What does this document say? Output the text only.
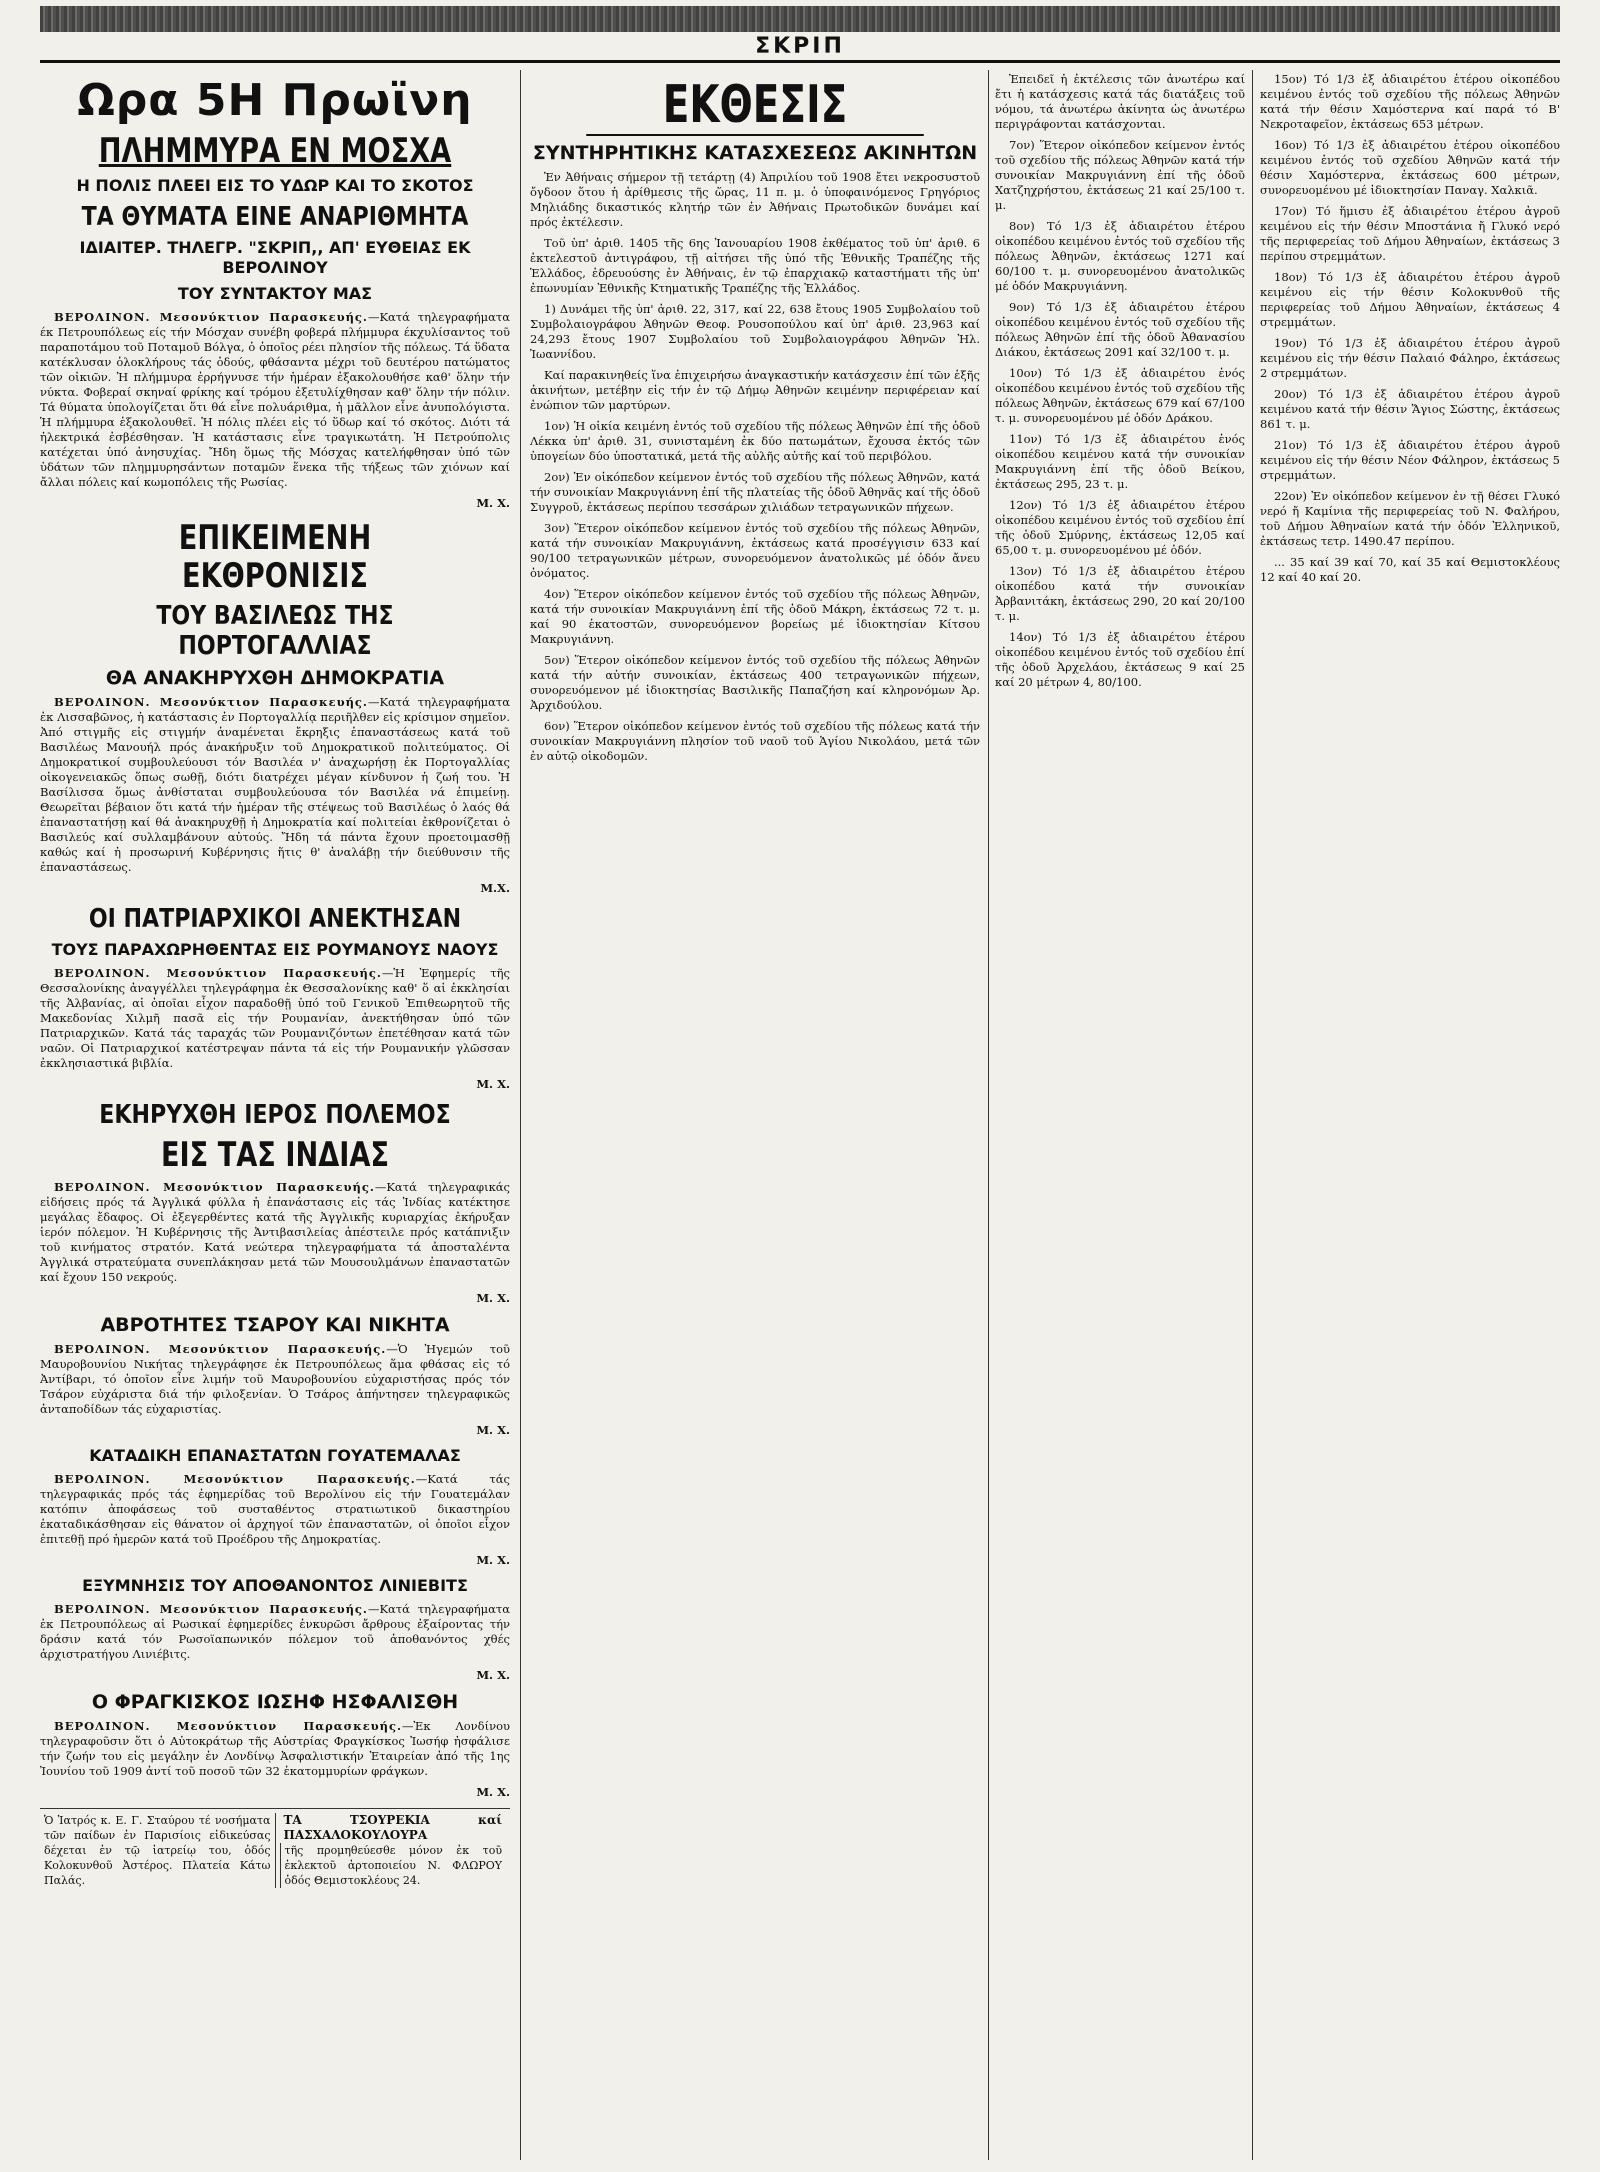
ΣΚΡΙΠ
Ωρα 5Η Πρωϊνη
ΠΛΗΜΜΥΡΑ ΕΝ ΜΟΣΧΑ
Η ΠΟΛΙΣ ΠΛΕΕΙ ΕΙΣ ΤΟ ΥΔΩΡ ΚΑΙ ΤΟ ΣΚΟΤΟΣ
ΤΑ ΘΥΜΑΤΑ ΕΙΝΕ ΑΝΑΡΙΘΜΗΤΑ
ΙΔΙΑΙΤΕΡ. ΤΗΛΕΓΡ. "ΣΚΡΙΠ,, ΑΠ' ΕΥΘΕΙΑΣ ΕΚ ΒΕΡΟΛΙΝΟΥ
ΤΟΥ ΣΥΝΤΑΚΤΟΥ ΜΑΣ

ΒΕΡΟΛΙΝΟΝ. Μεσονύκτιον Παρασκευής.—Κατά τηλεγραφήματα έκ Πετρουπόλεως είς τήν Μόσχαν συνέβη φοβερά πλήμμυρα έκχυλίσαντος τοῦ παραποτάμου τοῦ Ποταμοῦ Βόλγα, ὁ ὁποῖος ρέει πλησίον τῆς πόλεως. Τά ὕδατα κατέκλυσαν ὁλοκλήρους τάς ὁδούς, φθάσαντα μέχρι τοῦ δευτέρου πατώματος τῶν οἰκιῶν. Ἡ πλήμμυρα ἐρρήγνυσε τήν ἡμέραν ἐξακολουθήσε καθ' ὅλην τήν νύκτα. Φοβεραί σκηναί φρίκης καί τρόμου ἐξετυλίχθησαν καθ' ὅλην τήν πόλιν. Τά θύματα ὑπολογίζεται ὅτι θά εἶνε πολυάριθμα, ἡ μᾶλλον εἶνε ἀνυπολόγιστα. Ἡ πλήμμυρα ἐξακολουθεῖ. Ἡ πόλις πλέει εἰς τό ὕδωρ καί τό σκότος. Διότι τά ἠλεκτρικά ἐσβέσθησαν. Ἡ κατάστασις εἶνε τραγικωτάτη. Ἡ Πετρούπολις κατέχεται ὑπό ἀνησυχίας. Ἤδη ὅμως τῆς Μόσχας κατελήφθησαν ὑπό τῶν ὑδάτων τῶν πλημμυρησάντων ποταμῶν ἕνεκα τῆς τήξεως τῶν χιόνων καί ἄλλαι πόλεις καί κωμοπόλεις τῆς Ρωσίας.

Μ. Χ.
ΕΠΙΚΕΙΜΕΝΗ ΕΚΘΡΟΝΙΣΙΣ
ΤΟΥ ΒΑΣΙΛΕΩΣ ΤΗΣ ΠΟΡΤΟΓΑΛΛΙΑΣ
ΘΑ ΑΝΑΚΗΡΥΧΘΗ ΔΗΜΟΚΡΑΤΙΑ

ΒΕΡΟΛΙΝΟΝ. Μεσονύκτιον Παρασκευής.—Κατά τηλεγραφήματα ἐκ Λισσαβῶνος, ἡ κατάστασις ἐν Πορτογαλλίᾳ περιῆλθεν εἰς κρίσιμον σημεῖον. Ἀπό στιγμῆς εἰς στιγμήν ἀναμένεται ἔκρηξις ἐπαναστάσεως κατά τοῦ Βασιλέως Μανουήλ πρός ἀνακήρυξιν τοῦ Δημοκρατικοῦ πολιτεύματος. Οἱ Δημοκρατικοί συμβουλεύουσι τόν Βασιλέα ν' ἀναχωρήσῃ ἐκ Πορτογαλλίας οἰκογενειακῶς ὅπως σωθῇ, διότι διατρέχει μέγαν κίνδυνον ἡ ζωή του. Ἡ Βασίλισσα ὅμως ἀνθίσταται συμβουλεύουσα τόν Βασιλέα νά ἐπιμείνῃ. Θεωρεῖται βέβαιον ὅτι κατά τήν ἡμέραν τῆς στέψεως τοῦ Βασιλέως ὁ λαός θά ἐπαναστατήσῃ καί θά ἀνακηρυχθῇ ἡ Δημοκρατία καί πολιτείαι ἐκθρονίζεται ὁ Βασιλεύς καί συλλαμβάνουν αὐτούς. Ἤδη τά πάντα ἔχουν προετοιμασθῇ καθώς καί ἡ προσωρινή Κυβέρνησις ἥτις θ' ἀναλάβῃ τήν διεύθυνσιν τῆς ἐπαναστάσεως.

Μ.Χ.
ΟΙ ΠΑΤΡΙΑΡΧΙΚΟΙ ΑΝΕΚΤΗΣΑΝ
ΤΟΥΣ ΠΑΡΑΧΩΡΗΘΕΝΤΑΣ ΕΙΣ ΡΟΥΜΑΝΟΥΣ ΝΑΟΥΣ

ΒΕΡΟΛΙΝΟΝ. Μεσονύκτιον Παρασκευής.—Ἡ Ἐφημερίς τῆς Θεσσαλονίκης ἀναγγέλλει τηλεγράφημα ἐκ Θεσσαλονίκης καθ' ὅ αἱ ἐκκλησίαι τῆς Ἀλβανίας, αἱ ὁποῖαι εἶχον παραδοθῇ ὑπό τοῦ Γενικοῦ Ἐπιθεωρητοῦ τῆς Μακεδονίας Χιλμῆ πασᾶ εἰς τήν Ρουμανίαν, ἀνεκτήθησαν ὑπό τῶν Πατριαρχικῶν. Κατά τάς ταραχάς τῶν Ρουμανιζόντων ἐπετέθησαν κατά τῶν ναῶν. Οἱ Πατριαρχικοί κατέστρεψαν πάντα τά εἰς τήν Ρουμανικήν γλῶσσαν ἐκκλησιαστικά βιβλία.

Μ. Χ.
ΕΚΗΡΥΧΘΗ ΙΕΡΟΣ ΠΟΛΕΜΟΣ
ΕΙΣ ΤΑΣ ΙΝΔΙΑΣ

ΒΕΡΟΛΙΝΟΝ. Μεσονύκτιον Παρασκευής.—Κατά τηλεγραφικάς εἰδήσεις πρός τά Ἀγγλικά φύλλα ἡ ἐπανάστασις εἰς τάς Ἰνδίας κατέκτησε μεγάλας ἔδαφος. Οἱ ἐξεγερθέντες κατά τῆς Ἀγγλικῆς κυριαρχίας ἐκήρυξαν ἱερόν πόλεμον. Ἡ Κυβέρνησις τῆς Ἀντιβασιλείας ἀπέστειλε πρός κατάπνιξιν τοῦ κινήματος στρατόν. Κατά νεώτερα τηλεγραφήματα τά ἀποσταλέντα Ἀγγλικά στρατεύματα συνεπλάκησαν μετά τῶν Μουσουλμάνων ἐπαναστατῶν καί ἔχουν 150 νεκρούς.

Μ. Χ.
ΑΒΡΟΤΗΤΕΣ ΤΣΑΡΟΥ ΚΑΙ ΝΙΚΗΤΑ

ΒΕΡΟΛΙΝΟΝ. Μεσονύκτιον Παρασκευής.—Ὁ Ἡγεμών τοῦ Μαυροβουνίου Νικήτας τηλεγράφησε ἐκ Πετρουπόλεως ἅμα φθάσας εἰς τό Ἀντίβαρι, τό ὁποῖον εἶνε λιμήν τοῦ Μαυροβουνίου εὐχαριστήσας πρός τόν Τσάρον εὐχάριστα διά τήν φιλοξενίαν. Ὁ Τσάρος ἀπήντησεν τηλεγραφικῶς ἀνταποδίδων τάς εὐχαριστίας.

Μ. Χ.
ΚΑΤΑΔΙΚΗ ΕΠΑΝΑΣΤΑΤΩΝ ΓΟΥΑΤΕΜΑΛΑΣ

ΒΕΡΟΛΙΝΟΝ. Μεσονύκτιον Παρασκευής.—Κατά τάς τηλεγραφικάς πρός τάς ἐφημερίδας τοῦ Βερολίνου εἰς τήν Γουατεμάλαν κατόπιν ἀποφάσεως τοῦ συσταθέντος στρατιωτικοῦ δικαστηρίου ἐκαταδικάσθησαν εἰς θάνατον οἱ ἀρχηγοί τῶν ἐπαναστατῶν, οἱ ὁποῖοι εἶχον ἐπιτεθῇ πρό ἡμερῶν κατά τοῦ Προέδρου τῆς Δημοκρατίας.

Μ. Χ.
ΕΞΥΜΝΗΣΙΣ ΤΟΥ ΑΠΟΘΑΝΟΝΤΟΣ ΛΙΝΙΕΒΙΤΣ

ΒΕΡΟΛΙΝΟΝ. Μεσονύκτιον Παρασκευής.—Κατά τηλεγραφήματα ἐκ Πετρουπόλεως αἱ Ρωσικαί ἐφημερίδες ἐνκυρῶσι ἄρθρους ἐξαίροντας τήν δράσιν κατά τόν Ρωσοϊαπωνικόν πόλεμον τοῦ ἀποθανόντος χθές ἀρχιστρατήγου Λινιέβιτς.

Μ. Χ.
Ο ΦΡΑΓΚΙΣΚΟΣ ΙΩΣΗΦ ΗΣΦΑΛΙΣΘΗ

ΒΕΡΟΛΙΝΟΝ. Μεσονύκτιον Παρασκευής.—Ἐκ Λονδίνου τηλεγραφοῦσιν ὅτι ὁ Αὐτοκράτωρ τῆς Αὐστρίας Φραγκίσκος Ἰωσήφ ἠσφάλισε τήν ζωήν του εἰς μεγάλην ἐν Λονδίνῳ Ἀσφαλιστικήν Ἑταιρείαν ἀπό τῆς 1ης Ἰουνίου τοῦ 1909 ἀντί τοῦ ποσοῦ τῶν 32 ἑκατομμυρίων φράγκων.

Μ. Χ.
Ὁ Ἰατρός κ. Ε. Γ. Σταύρου τέ νοσήματα τῶν παίδων ἐν Παρισίοις εἰδικεύσας δέχεται ἐν τῷ ἰατρείῳ του, ὁδός Κολοκυνθοῦ Ἀστέρος. Πλατεία Κάτω Παλάς.
ΤΑ ΤΣΟΥΡΕΚΙΑ καί ΠΑΣΧΑΛΟΚΟΥΛΟΥΡΑ
τῆς προμηθεύεσθε μόνον ἐκ τοῦ ἐκλεκτοῦ ἀρτοποιείου Ν. ΦΛΩΡΟΥ ὁδός Θεμιστοκλέους 24.
ΕΚΘΕΣΙΣ
ΣΥΝΤΗΡΗΤΙΚΗΣ ΚΑΤΑΣΧΕΣΕΩΣ ΑΚΙΝΗΤΩΝ

Ἐν Ἀθήναις σήμερον τῇ τετάρτῃ (4) Ἀπριλίου τοῦ 1908 ἔτει νεκροσυστοῦ ὄγδοον ὅτου ἡ ἀρίθμεσις τῆς ὥρας, 11 π. μ. ὁ ὑποφαινόμενος Γρηγόριος Μηλιάδης δικαστικός κλητήρ τῶν ἐν Ἀθήναις Πρωτοδικῶν δυνάμει καί πρός ἐκτέλεσιν.

Τοῦ ὑπ' ἀριθ. 1405 τῆς 6ης Ἰανουαρίου 1908 ἐκθέματος τοῦ ὑπ' ἀριθ. 6 ἐκτελεστοῦ ἀντιγράφου, τῇ αἰτήσει τῆς ὑπό τῆς Ἐθνικῆς Τραπέζης τῆς Ἑλλάδος, ἐδρευούσης ἐν Ἀθήναις, ἐν τῷ ἐπαρχιακῷ καταστήματι τῆς ὑπ' ἐπωνυμίαν Ἐθνικῆς Κτηματικῆς Τραπέζης τῆς Ἑλλάδος.

1) Δυνάμει τῆς ὑπ' ἀριθ. 22, 317, καί 22, 638 ἔτους 1905 Συμβολαίου τοῦ Συμβολαιογράφου Ἀθηνῶν Θεοφ. Ρουσοπούλου καί ὑπ' ἀριθ. 23,963 καί 24,293 ἔτους 1907 Συμβολαίου τοῦ Συμβολαιογράφου Ἀθηνῶν Ἠλ. Ἰωαννίδου.

Καί παρακινηθείς ἵνα ἐπιχειρήσω ἀναγκαστικήν κατάσχεσιν ἐπί τῶν ἑξῆς ἀκινήτων, μετέβην εἰς τήν ἐν τῷ Δήμῳ Ἀθηνῶν κειμένην περιφέρειαν καί ἐνώπιον τῶν μαρτύρων.

1ον) Ἡ οἰκία κειμένη ἐντός τοῦ σχεδίου τῆς πόλεως Ἀθηνῶν ἐπί τῆς ὁδοῦ Λέκκα ὑπ' ἀριθ. 31, συνισταμένη ἐκ δύο πατωμάτων, ἔχουσα ἐκτός τῶν ὑπογείων δύο ὑποστατικά, μετά τῆς αὐλῆς αὐτῆς καί τοῦ περιβόλου.

2ον) Ἐν οἰκόπεδον κείμενον ἐντός τοῦ σχεδίου τῆς πόλεως Ἀθηνῶν, κατά τήν συνοικίαν Μακρυγιάννη ἐπί τῆς πλατείας τῆς ὁδοῦ Ἀθηνᾶς καί τῆς ὁδοῦ Συγγροῦ, ἐκτάσεως περίπου τεσσάρων χιλιάδων τετραγωνικῶν πήχεων.

3ον) Ἕτερον οἰκόπεδον κείμενον ἐντός τοῦ σχεδίου τῆς πόλεως Ἀθηνῶν, κατά τήν συνοικίαν Μακρυγιάννη, ἐκτάσεως κατά προσέγγισιν 633 καί 90/100 τετραγωνικῶν μέτρων, συνορευόμενον ἀνατολικῶς μέ ὁδόν ἄνευ ὀνόματος.

4ον) Ἕτερον οἰκόπεδον κείμενον ἐντός τοῦ σχεδίου τῆς πόλεως Ἀθηνῶν, κατά τήν συνοικίαν Μακρυγιάννη ἐπί τῆς ὁδοῦ Μάκρη, ἐκτάσεως 72 τ. μ. καί 90 ἑκατοστῶν, συνορευόμενον βορείως μέ ἰδιοκτησίαν Κίτσου Μακρυγιάννη.

5ον) Ἕτερον οἰκόπεδον κείμενον ἐντός τοῦ σχεδίου τῆς πόλεως Ἀθηνῶν κατά τήν αὐτήν συνοικίαν, ἐκτάσεως 400 τετραγωνικῶν πήχεων, συνορευόμενον μέ ἰδιοκτησίας Βασιλικῆς Παπαζήση καί κληρονόμων Ἀρ. Ἀρχιδούλου.

6ον) Ἕτερον οἰκόπεδον κείμενον ἐντός τοῦ σχεδίου τῆς πόλεως κατά τήν συνοικίαν Μακρυγιάννη πλησίον τοῦ ναοῦ τοῦ Ἁγίου Νικολάου, μετά τῶν ἐν αὐτῷ οἰκοδομῶν.

Ἐπειδεῖ ἡ ἐκτέλεσις τῶν ἀνωτέρω καί ἔτι ἡ κατάσχεσις κατά τάς διατάξεις τοῦ νόμου, τά ἀνωτέρω ἀκίνητα ὡς ἀνωτέρω περιγράφονται κατάσχονται.

7ον) Ἕτερον οἰκόπεδον κείμενον ἐντός τοῦ σχεδίου τῆς πόλεως Ἀθηνῶν κατά τήν συνοικίαν Μακρυγιάννη ἐπί τῆς ὁδοῦ Χατζηχρήστου, ἐκτάσεως 21 καί 25/100 τ. μ.

8ον) Τό 1/3 ἐξ ἀδιαιρέτου ἑτέρου οἰκοπέδου κειμένου ἐντός τοῦ σχεδίου τῆς πόλεως Ἀθηνῶν, ἐκτάσεως 1271 καί 60/100 τ. μ. συνορευομένου ἀνατολικῶς μέ ὁδόν Μακρυγιάννη.

9ον) Τό 1/3 ἐξ ἀδιαιρέτου ἑτέρου οἰκοπέδου κειμένου ἐντός τοῦ σχεδίου τῆς πόλεως Ἀθηνῶν ἐπί τῆς ὁδοῦ Ἀθανασίου Διάκου, ἐκτάσεως 2091 καί 32/100 τ. μ.

10ον) Τό 1/3 ἐξ ἀδιαιρέτου ἑνός οἰκοπέδου κειμένου ἐντός τοῦ σχεδίου τῆς πόλεως Ἀθηνῶν, ἐκτάσεως 679 καί 67/100 τ. μ. συνορευομένου μέ ὁδόν Δράκου.

11ον) Τό 1/3 ἐξ ἀδιαιρέτου ἑνός οἰκοπέδου κειμένου κατά τήν συνοικίαν Μακρυγιάννη ἐπί τῆς ὁδοῦ Βείκου, ἐκτάσεως 295, 23 τ. μ.

12ον) Τό 1/3 ἐξ ἀδιαιρέτου ἑτέρου οἰκοπέδου κειμένου ἐντός τοῦ σχεδίου ἐπί τῆς ὁδοῦ Σμύρνης, ἐκτάσεως 12,05 καί 65,00 τ. μ. συνορευομένου μέ ὁδόν.

13ον) Τό 1/3 ἐξ ἀδιαιρέτου ἑτέρου οἰκοπέδου κατά τήν συνοικίαν Ἀρβανιτάκη, ἐκτάσεως 290, 20 καί 20/100 τ. μ.

14ον) Τό 1/3 ἐξ ἀδιαιρέτου ἑτέρου οἰκοπέδου κειμένου ἐντός τοῦ σχεδίου ἐπί τῆς ὁδοῦ Ἀρχελάου, ἐκτάσεως 9 καί 25 καί 20 μέτρων 4, 80/100.

15ον) Τό 1/3 ἐξ ἀδιαιρέτου ἑτέρου οἰκοπέδου κειμένου ἐντός τοῦ σχεδίου τῆς πόλεως Ἀθηνῶν κατά τήν θέσιν Χαμόστερνα καί παρά τό Β' Νεκροταφεῖον, ἐκτάσεως 653 μέτρων.

16ον) Τό 1/3 ἐξ ἀδιαιρέτου ἑτέρου οἰκοπέδου κειμένου ἐντός τοῦ σχεδίου Ἀθηνῶν κατά τήν θέσιν Χαμόστερνα, ἐκτάσεως 600 μέτρων, συνορευομένου μέ ἰδιοκτησίαν Παναγ. Χαλκιᾶ.

17ον) Τό ἥμισυ ἐξ ἀδιαιρέτου ἑτέρου ἀγροῦ κειμένου εἰς τήν θέσιν Μποστάνια ἤ Γλυκό νερό τῆς περιφερείας τοῦ Δήμου Ἀθηναίων, ἐκτάσεως 3 περίπου στρεμμάτων.

18ον) Τό 1/3 ἐξ ἀδιαιρέτου ἑτέρου ἀγροῦ κειμένου εἰς τήν θέσιν Κολοκυνθοῦ τῆς περιφερείας τοῦ Δήμου Ἀθηναίων, ἐκτάσεως 4 στρεμμάτων.

19ον) Τό 1/3 ἐξ ἀδιαιρέτου ἑτέρου ἀγροῦ κειμένου εἰς τήν θέσιν Παλαιό Φάληρο, ἐκτάσεως 2 στρεμμάτων.

20ον) Τό 1/3 ἐξ ἀδιαιρέτου ἑτέρου ἀγροῦ κειμένου κατά τήν θέσιν Ἅγιος Σώστης, ἐκτάσεως 861 τ. μ.

21ον) Τό 1/3 ἐξ ἀδιαιρέτου ἑτέρου ἀγροῦ κειμένου εἰς τήν θέσιν Νέον Φάληρον, ἐκτάσεως 5 στρεμμάτων.

22ον) Ἐν οἰκόπεδον κείμενον ἐν τῇ θέσει Γλυκό νερό ἤ Καμίνια τῆς περιφερείας τοῦ Ν. Φαλήρου, τοῦ Δήμου Ἀθηναίων κατά τήν ὁδόν Ἐλληνικοῦ, ἐκτάσεως τετρ. 1490.47 περίπου.

... 35 καί 39 καί 70, καί 35 καί Θεμιστοκλέους 12 καί 40 καί 20.
